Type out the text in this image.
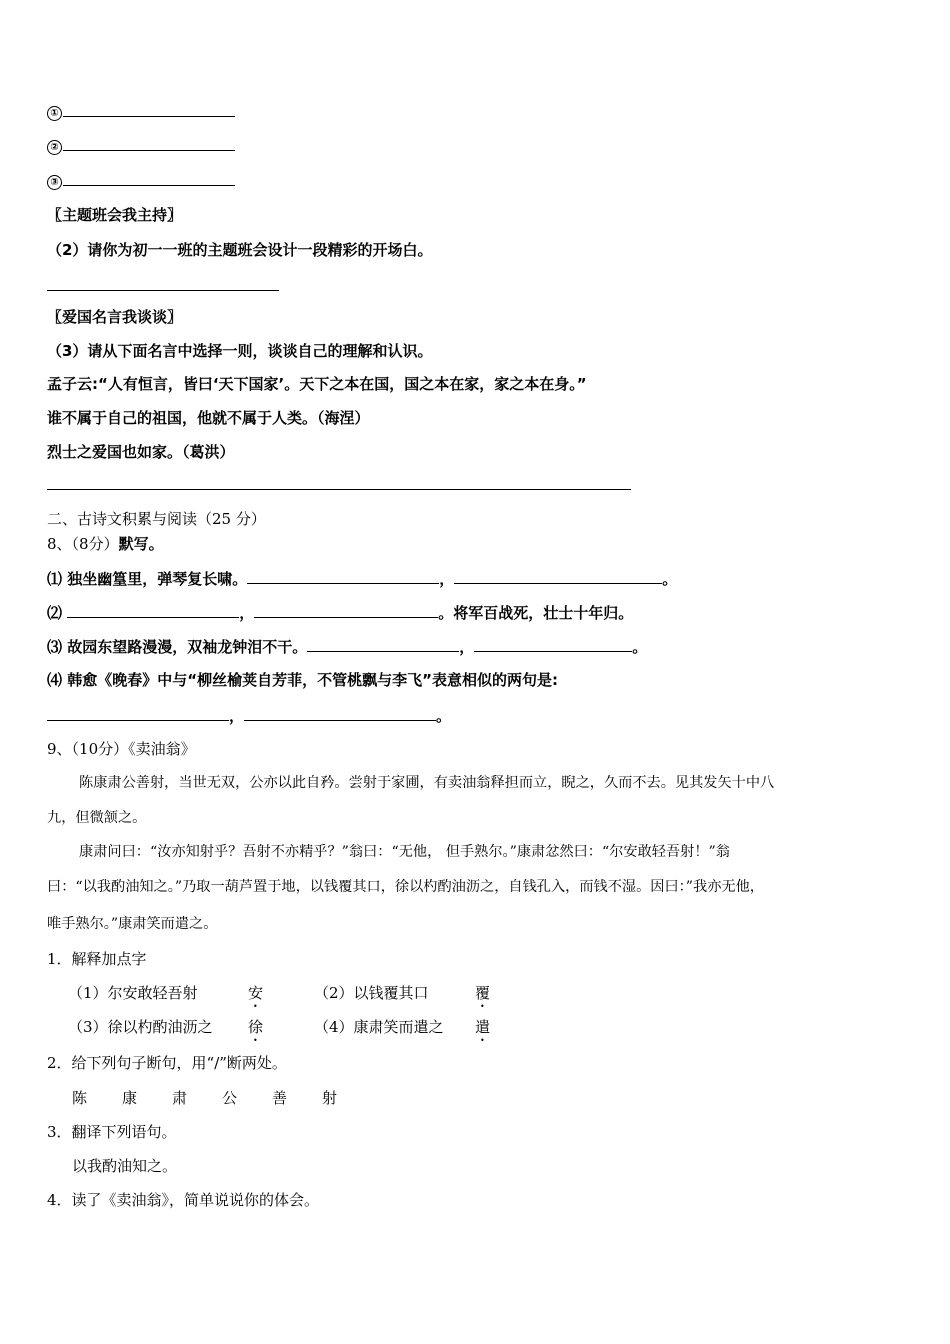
①
②
③
〖主题班会我主持〗
（2）请你为初一一班的主题班会设计一段精彩的开场白。
〖爱国名言我谈谈〗
（3）请从下面名言中选择一则，谈谈自己的理解和认识。
孟子云:“人有恒言，皆曰‘天下国家’。天下之本在国，国之本在家，家之本在身。”
谁不属于自己的祖国，他就不属于人类。（海涅）
烈士之爱国也如家。（葛洪）
二、古诗文积累与阅读（25 分）
8、（8分）默写。
⑴ 独坐幽篁里，弹琴复长啸。	，	。
⑵	，	。将军百战死，壮士十年归。
⑶ 故园东望路漫漫，双袖龙钟泪不干。	，	。
⑷ 韩愈《晚春》中与“柳丝榆荚自芳菲，不管桃飘与李飞”表意相似的两句是:
，	。
9、（10分）《卖油翁》
陈康肃公善射，当世无双，公亦以此自矜。尝射于家圃，有卖油翁释担而立，睨之，久而不去。见其发矢十中八
九，但微颔之。
康肃问曰：“汝亦知射乎？吾射不亦精乎？”翁曰：“无他， 但手熟尔。”康肃忿然曰：“尔安敢轻吾射！”翁
曰：“以我酌油知之。”乃取一葫芦置于地，以钱覆其口，徐以杓酌油沥之，自钱孔入，而钱不湿。因曰：”我亦无他，
唯手熟尔。”康肃笑而遣之。
1．解释加点字
（1）尔安敢轻吾射	安	（2）以钱覆其口	覆
（3）徐以杓酌油沥之 徐	（4）康肃笑而遣之 遣
2．给下列句子断句，用“/”断两处。
陈 康 肃 公 善 射
3．翻译下列语句。
以我酌油知之。
4．读了《卖油翁》，简单说说你的体会。
